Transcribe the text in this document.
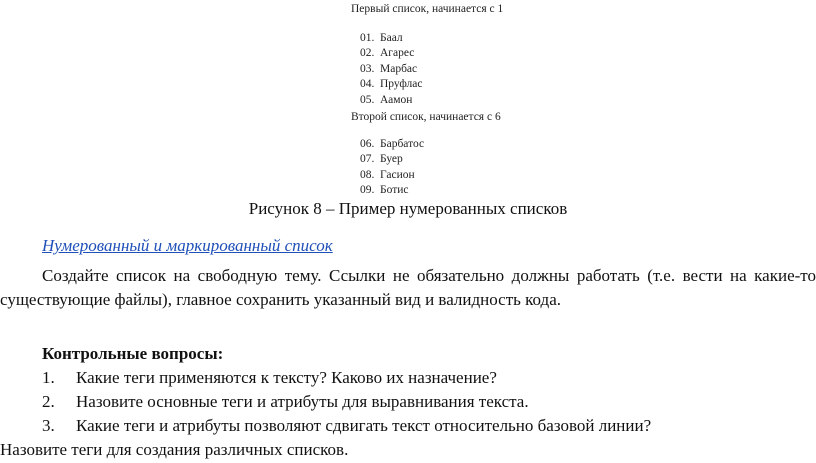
Первый список, начинается с 1
01. Баал
02. Агарес
03. Марбас
04. Пруфлас
05. Аамон
Второй список, начинается с 6
06. Барбатос
07. Буер
08. Гасион
09. Ботис
Рисунок 8 – Пример нумерованных списков
Нумерованный и маркированный список
Создайте список на свободную тему. Ссылки не обязательно должны работать (т.е. вести на какие-то существующие файлы), главное сохранить указанный вид и валидность кода.
Контрольные вопросы:
1. Какие теги применяются к тексту? Каково их назначение?
2. Назовите основные теги и атрибуты для выравнивания текста.
3. Какие теги и атрибуты позволяют сдвигать текст относительно базовой линии?
Назовите теги для создания различных списков.
